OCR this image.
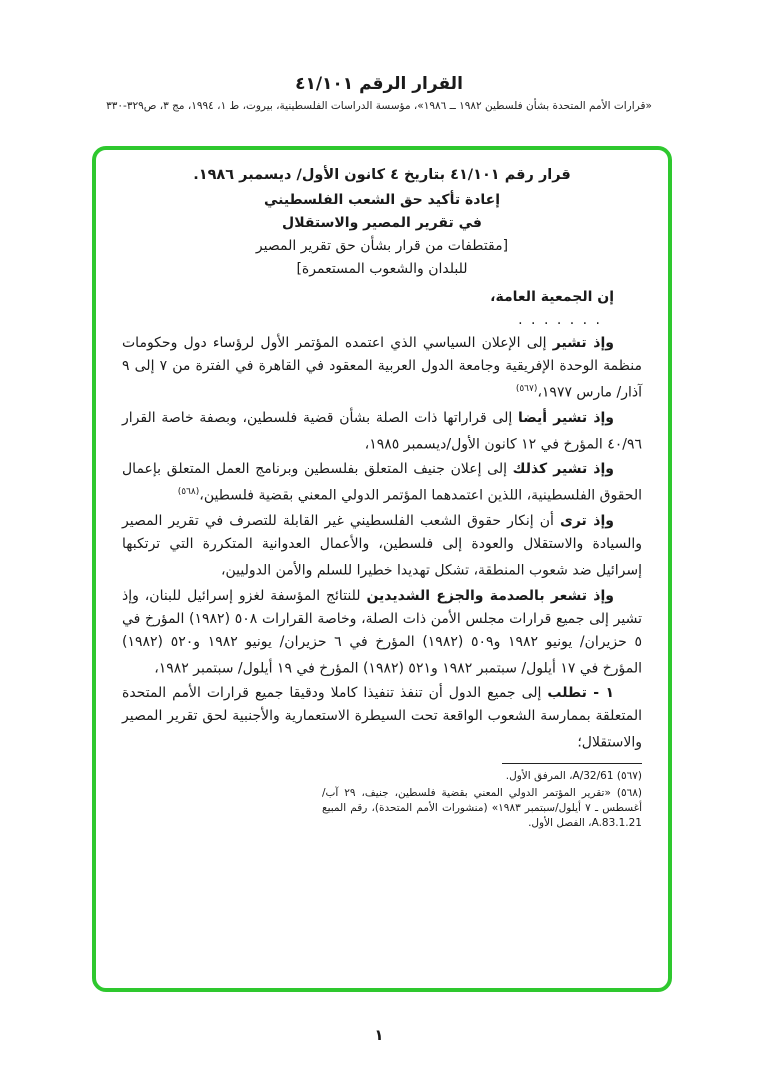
القرار الرقم ٤١/١٠١
«قرارات الأمم المتحدة بشأن فلسطين ١٩٨٢ ــ ١٩٨٦»، مؤسسة الدراسات الفلسطينية، بيروت، ط ١، ١٩٩٤، مج ٣، ص٣٢٩-٣٣٠

قرار رقم ٤١/١٠١ بتاريخ ٤ كانون الأول/ ديسمبر ١٩٨٦.

إعادة تأكيد حق الشعب الفلسطيني

في تقرير المصير والاستقلال

[مقتطفات من قرار بشأن حق تقرير المصير

للبلدان والشعوب المستعمرة]

إن الجمعية العامة،

. . . . . . .

وإذ تشير إلى الإعلان السياسي الذي اعتمده المؤتمر الأول لرؤساء دول وحكومات منظمة الوحدة الإفريقية وجامعة الدول العربية المعقود في القاهرة في الفترة من ٧ إلى ٩ آذار/ مارس ١٩٧٧،$^{(٥٦٧)}$

وإذ تشير أيضا إلى قراراتها ذات الصلة بشأن قضية فلسطين، وبصفة خاصة القرار ٤٠/٩٦ المؤرخ في ١٢ كانون الأول/ديسمبر ١٩٨٥،

وإذ تشير كذلك إلى إعلان جنيف المتعلق بفلسطين وبرنامج العمل المتعلق بإعمال الحقوق الفلسطينية، اللذين اعتمدهما المؤتمر الدولي المعني بقضية فلسطين،$^{(٥٦٨)}$

وإذ ترى أن إنكار حقوق الشعب الفلسطيني غير القابلة للتصرف في تقرير المصير والسيادة والاستقلال والعودة إلى فلسطين، والأعمال العدوانية المتكررة التي ترتكبها إسرائيل ضد شعوب المنطقة، تشكل تهديدا خطيرا للسلم والأمن الدوليين،

وإذ تشعر بالصدمة والجزع الشديدين للنتائج المؤسفة لغزو إسرائيل للبنان، وإذ تشير إلى جميع قرارات مجلس الأمن ذات الصلة، وخاصة القرارات ٥٠٨ (١٩٨٢) المؤرخ في ٥ حزيران/ يونيو ١٩٨٢ و٥٠٩ (١٩٨٢) المؤرخ في ٦ حزيران/ يونيو ١٩٨٢ و٥٢٠ (١٩٨٢) المؤرخ في ١٧ أيلول/ سبتمبر ١٩٨٢ و٥٢١ (١٩٨٢) المؤرخ في ١٩ أيلول/ سبتمبر ١٩٨٢،

١ - تطلب إلى جميع الدول أن تنفذ تنفيذا كاملا ودقيقا جميع قرارات الأمم المتحدة المتعلقة بممارسة الشعوب الواقعة تحت السيطرة الاستعمارية والأجنبية لحق تقرير المصير والاستقلال؛

(٥٦٧) A/32/61، المرفق الأول.

(٥٦٨) «تقرير المؤتمر الدولي المعني بقضية فلسطين، جنيف، ٢٩ آب/ أغسطس ـ ٧ أيلول/سبتمبر ١٩٨٣» (منشورات الأمم المتحدة)، رقم المبيع A.83.1.21، الفصل الأول.

١
